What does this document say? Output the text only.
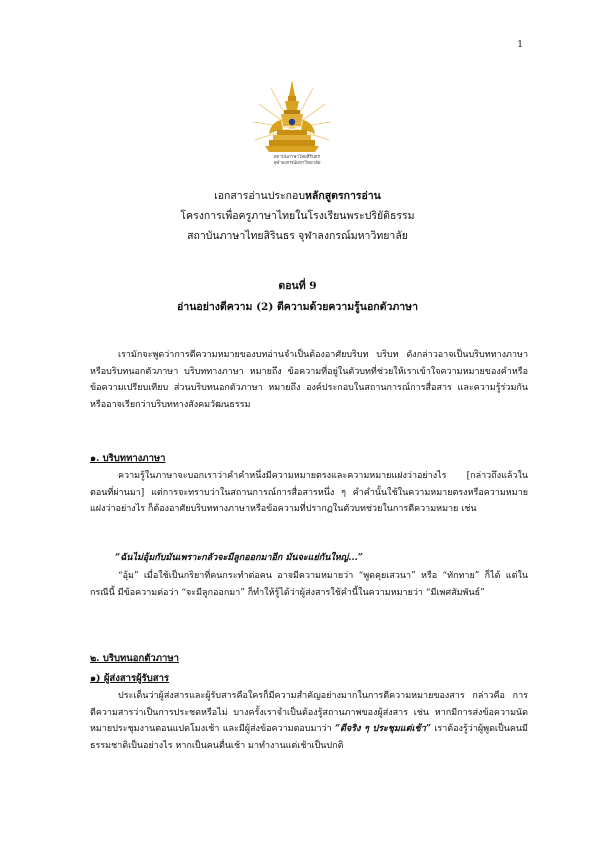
1
สถาบันภาษาไทยสิรินธร
จุฬาลงกรณ์มหาวิทยาลัย
เอกสารอ่านประกอบหลักสูตรการอ่าน
โครงการเพื่อครูภาษาไทยในโรงเรียนพระปริยัติธรรม
สถาบันภาษาไทยสิรินธร จุฬาลงกรณ์มหาวิทยาลัย
ตอนที่ 9
อ่านอย่างตีความ (2) ตีความด้วยความรู้นอกตัวภาษา
เรามักจะพูดว่าการตีความหมายของบทอ่านจำเป็นต้องอาศัยบริบท บริบท ดังกล่าวอาจเป็นบริบททางภาษาหรือบริบทนอกตัวภาษา บริบททางภาษา หมายถึง ข้อความที่อยู่ในตัวบทที่ช่วยให้เราเข้าใจความหมายของคำหรือข้อความเปรียบเทียบ ส่วนบริบทนอกตัวภาษา หมายถึง องค์ประกอบในสถานการณ์การสื่อสาร และความรู้ร่วมกัน หรืออาจเรียกว่าบริบททางสังคมวัฒนธรรม
๑. บริบททางภาษา
ความรู้ในภาษาจะบอกเราว่าคำคำหนึ่งมีความหมายตรงและความหมายแฝงว่าอย่างไร [กล่าวถึงแล้วในตอนที่ผ่านมา] แต่การจะทราบว่าในสถานการณ์การสื่อสารหนึ่ง ๆ คำคำนั้นใช้ในความหมายตรงหรือความหมายแฝงว่าอย่างไร ก็ต้องอาศัยบริบททางภาษาหรือข้อความที่ปรากฏในตัวบทช่วยในการตีความหมาย เช่น
“ฉันไม่อุ้มกับมันเพราะกลัวจะมีลูกออกมาอีก มันจะแย่กันใหญ่...”
“อุ้ม” เมื่อใช้เป็นกริยาที่คนกระทำต่อคน อาจมีความหมายว่า “พูดคุยเสวนา” หรือ “ทักทาย” ก็ได้ แต่ในกรณีนี้ มีข้อความต่อว่า “จะมีลูกออกมา” ก็ทำให้รู้ได้ว่าผู้ส่งสารใช้คำนี้ในความหมายว่า “มีเพศสัมพันธ์”
๒. บริบทนอกตัวภาษา
๑) ผู้ส่งสารผู้รับสาร
ประเด็นว่าผู้ส่งสารและผู้รับสารคือใครก็มีความสำคัญอย่างมากในการตีความหมายของสาร กล่าวคือ การตีความสารว่าเป็นการประชดหรือไม่ บางครั้งเราจำเป็นต้องรู้สถานภาพของผู้ส่งสาร เช่น หากมีการส่งข้อความนัดหมายประชุมงานตอนแปดโมงเช้า และมีผู้ส่งข้อความตอบมาว่า “ดีจริง ๆ ประชุมแต่เช้า” เราต้องรู้ว่าผู้พูดเป็นคนมีธรรมชาติเป็นอย่างไร หากเป็นคนตื่นเช้า มาทำงานแต่เช้าเป็นปกติ
